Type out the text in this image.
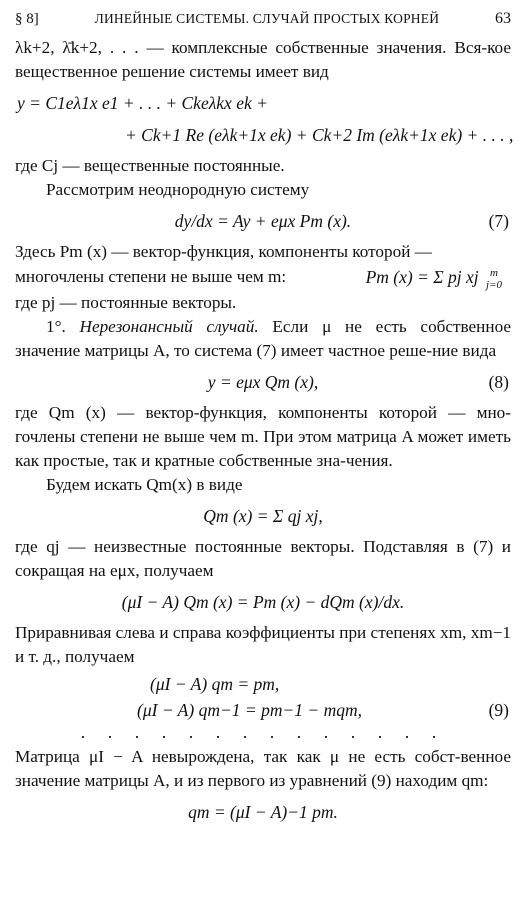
§ 8]	ЛИНЕЙНЫЕ СИСТЕМЫ. СЛУЧАЙ ПРОСТЫХ КОРНЕЙ	63

λk+2, λ̄k+2, . . . — комплексные собственные значения. Вся-кое вещественное решение системы имеет вид

y = C1eλ1x e1 + . . . + Ckeλkx ek +
+ Ck+1 Re (eλk+1x ek) + Ck+2 Im (eλk+1x ek) + . . . ,

где Cj — вещественные постоянные.

Рассмотрим неоднородную систему

dy/dx = Ay + eμx Pm (x).	(7)

Здесь Pm (x) — вектор-функция, компоненты которой —

многочлены степени не выше чем m:	Pm (x) = Σ pj xj m
j=0

где pj — постоянные векторы.

1°. Нерезонансный случай. Если μ не есть собственное значение матрицы A, то система (7) имеет частное реше-ние вида

y = eμx Qm (x),	(8)

где Qm (x) — вектор-функция, компоненты которой — мно-гочлены степени не выше чем m. При этом матрица A может иметь как простые, так и кратные собственные зна-чения.

Будем искать Qm(x) в виде

Qm (x) = Σ qj xj,

где qj — неизвестные постоянные векторы. Подставляя в (7) и сокращая на eμx, получаем

(μI − A) Qm (x) = Pm (x) − dQm (x)/dx.

Приравнивая слева и справа коэффициенты при степенях xm, xm−1 и т. д., получаем

(μI − A) qm = pm,
(μI − A) qm−1 = pm−1 − mqm,	(9)
. . . . . . . . . . . . . .

Матрица μI − A невырождена, так как μ не есть собст-венное значение матрицы A, и из первого из уравнений (9) находим qm:

qm = (μI − A)−1 pm.
